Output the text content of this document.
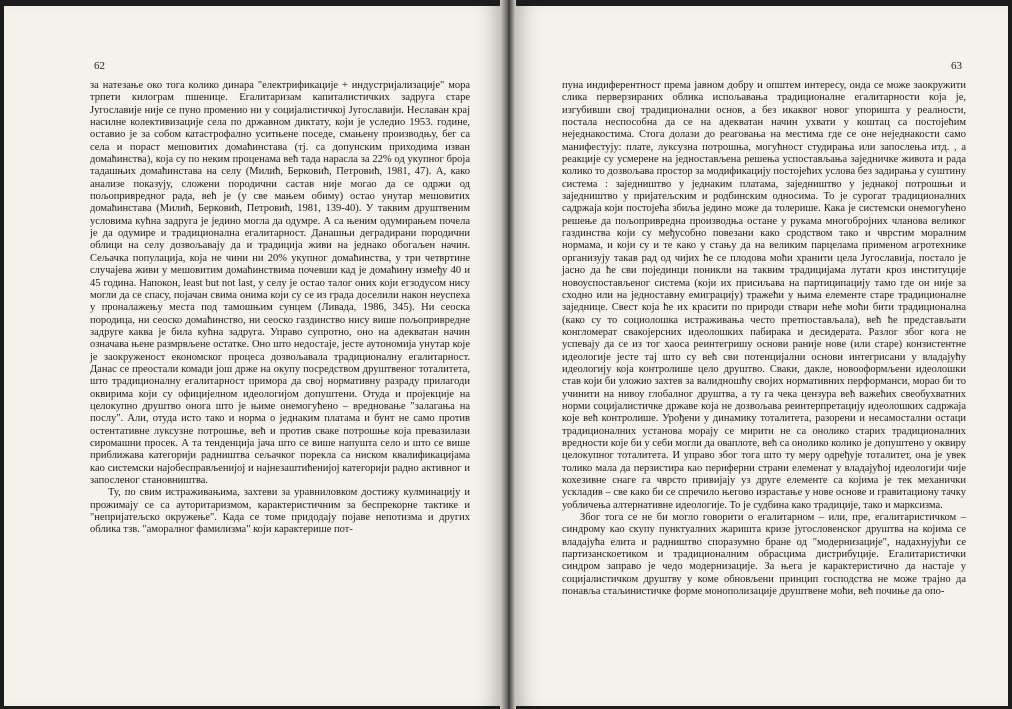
62

за натезање око тога колико динара "електрификације + индустријализације" мора трпети килограм пшенице. Егалитаризам капиталистичких задруга старе Југославије није се пуно променио ни у социјалистичкој Југославији. Неславан крај насилне колективизације села по државном диктату, који је уследио 1953. године, оставио је за собом катастрофално уситњене поседе, смањену производњу, бег са села и пораст мешовитих домаћинстава (тј. са допунским приходима изван домаћинства), која су по неким проценама већ тада нарасла за 22% од укупног броја тадашњих домаћинстава на селу (Милић, Берковић, Петровић, 1981, 47). А, како анализе показују, сложени породични састав није могао да се одржи од пољопривредног рада, већ је (у све мањем обиму) остао унутар мешовитих домаћинстава (Милић, Берковић, Петровић, 1981, 139-40). У таквим друштвеним условима кућна задруга је једино могла да одумре. А са њеним одумирањем почела је да одумире и традиционална егалитарност. Данашњи деградирани породични облици на селу дозвољавају да и традиција живи на једнако обогаљен начин. Сељачка популација, која не чини ни 20% укупног домаћинства, у три четвртине случајева живи у мешовитим домаћинствима почевши кад је домаћину између 40 и 45 година. Напокон, least but not last, у селу је остао талог оних који егзодусом нису могли да се спасу, појачан свима онима који су се из града доселили након неуспеха у проналажењу места под тамошњим сунцем (Ливада, 1986, 345). Ни сеоска породица, ни сеоско домаћинство, ни сеоско газдинство нису више пољопривредне задруге каква је била кућна задруга. Управо супротно, оно на адекватан начин означава њене размрвљене остатке. Оно што недостаје, јесте аутономија унутар које је заокруженост економског процеса дозвољавала традиционалну егалитарност. Данас се преостали комади још држе на окупу посредством друштвеног тоталитета, што традиционалну егалитарност примора да свој нормативну разраду прилагоди оквирима који су официјелном идеологијом допуштени. Отуда и пројекције на целокупно друштво онога што је њиме онемогућено – вредновање "залагања на послу". Али, отуда исто тако и норма о једнаким платама и бунт не само против остентативне луксузне потрошње, већ и против сваке потрошње која превазилази сиромашни просек. А та тенденција јача што се више напушта село и што се више приближава категорији радништва сељачког порекла са ниском квалификацијама као системски најобесправљенијој и најнезаштићенијој категорији радно активног и запосленог становништва.

Ту, по свим истраживањима, захтеви за уравниловком достижу кулминацију и прожимају се са ауторитаризмом, карактеристичним за беспрекорне тактике и "непријатељско окружење". Када се томе придодају појаве непотизма и других облика тзв. "аморалног фамилизма" који карактерише пот-

63

пуна индиферентност према јавном добру и општем интересу, онда се може заокружити слика перверзираних облика испољавања традиционалне егалитарности која је, изгубивши свој традиционални основ, а без икаквог новог упоришта у реалности, постала неспособна да се на адекватан начин ухвати у коштац са постојећим неједнакостима. Стога долази до реаговања на местима где се оне неједнакости само манифестују: плате, луксузна потрошња, могућност студирања или запослења итд. , а реакције су усмерене на једностављена решења успостављања заједничке живота и рада колико то дозвољава простор за модификацију постојећих услова без задирања у суштину система : заједништво у једнаким платама, заједништво у једнакој потрошњи и заједништво у пријатељским и родбинским односима. То је сурогат традиционалних садржаја који постојећа збиља једино може да толерише. Кака је системски онемогућено решење да пољопривредна производња остане у рукама многобројних чланова великог газдинства који су међусобно повезани како сродством тако и чврстим моралним нормама, и који су и те како у стању да на великим парцелама применом агротехнике организују такав рад од чијих ће се плодова моћи хранити цела Југославија, постало је јасно да ће сви појединци поникли на таквим традицијама лутати кроз институције новоуспостављеног система (који их присиљава на партиципацију тамо где он није за сходно или на једноставну емиграцију) тражећи у њима елементе старе традиционалне заједнице. Свест која ће их красити по природи ствари неће моћи бити традиционална (како су то социолошка истраживања често претпостављала), већ ће представљати конгломерат свакојерсних идеолошких пабирака и десидерата. Разлог због кога не успевају да се из тог хаоса реинтегришу основи раније нове (или старе) конзистентне идеологије јесте тај што су већ сви потенцијални основи интегрисани у владајућу идеологију која контролише цело друштво. Сваки, дакле, новооформљени идеолошки став који би уложио захтев за валидношћу својих нормативних перформанси, морао би то учинити на нивоу глобалног друштва, а ту га чека цензура већ важећих свеобухватних норми социјалистичке државе која не дозвољава реинтерпретацију идеолошких садржаја које већ контролише. Урођени у динамику тоталитета, разорени и несамостални остаци традиционалних установа морају се мирити не са онолико старих традиционалних вредности које би у себи могли да оваплоте, већ са онолико колико је допуштено у оквиру целокупног тоталитета. И управо због тога што ту меру одређује тоталитет, она је увек толико мала да перзистира као периферни страни елеменат у владајућој идеологији чије кохезивне снаге га чврсто привијају уз друге елементе са којима је тек механички ускладив – све како би се спречило његово израстање у нове основе и гравитациону тачку уобличења алтернативне идеологије. То је судбина како традиције, тако и марксизма.

Због тога се не би могло говорити о егалитарном – или, пре, егалитаристичком – синдрому као скупу пунктуалних жаришта кризе југословенског друштва на којима се владајућа елита и радништво споразумно бране од "модернизације", надахнујући се партизанскоетиком и традиционалним обрасцима дистрибуције. Егалитаристички синдром заправо је чедо модернизације. За њега је карактеристично да настаје у социјалистичком друштву у коме обновљени принцип господства не може трајно да понавља стаљинистичке форме монополизације друштвене моћи, већ почиње да опо-
